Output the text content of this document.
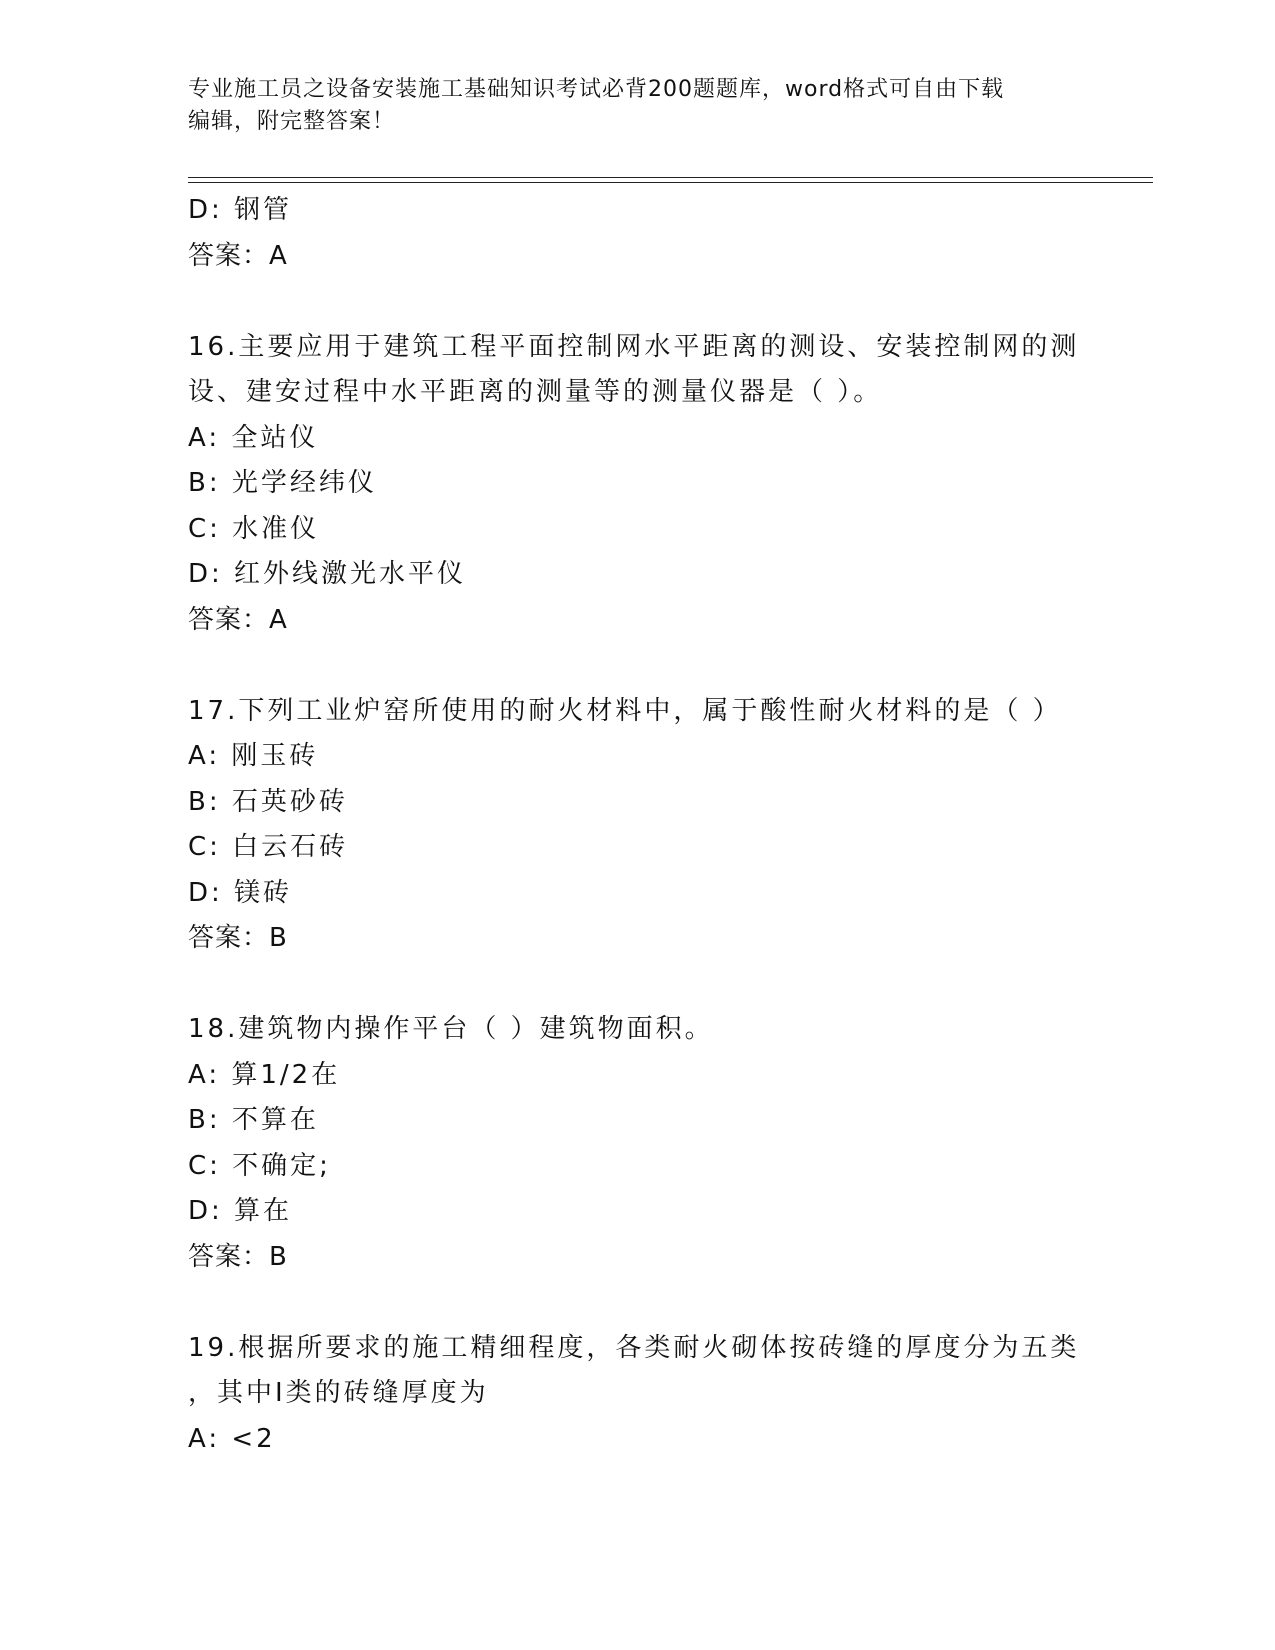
专业施工员之设备安装施工基础知识考试必背200题题库，word格式可自由下载
编辑，附完整答案！
D: 钢管
答案：A
16.主要应用于建筑工程平面控制网水平距离的测设、安装控制网的测
设、建安过程中水平距离的测量等的测量仪器是（ ）。
A: 全站仪
B: 光学经纬仪
C: 水准仪
D: 红外线激光水平仪
答案：A
17.下列工业炉窑所使用的耐火材料中，属于酸性耐火材料的是（ ）
A: 刚玉砖
B: 石英砂砖
C: 白云石砖
D: 镁砖
答案：B
18.建筑物内操作平台（ ）建筑物面积。
A: 算1/2在
B: 不算在
C: 不确定;
D: 算在
答案：B
19.根据所要求的施工精细程度，各类耐火砌体按砖缝的厚度分为五类
，其中I类的砖缝厚度为
A: <2
